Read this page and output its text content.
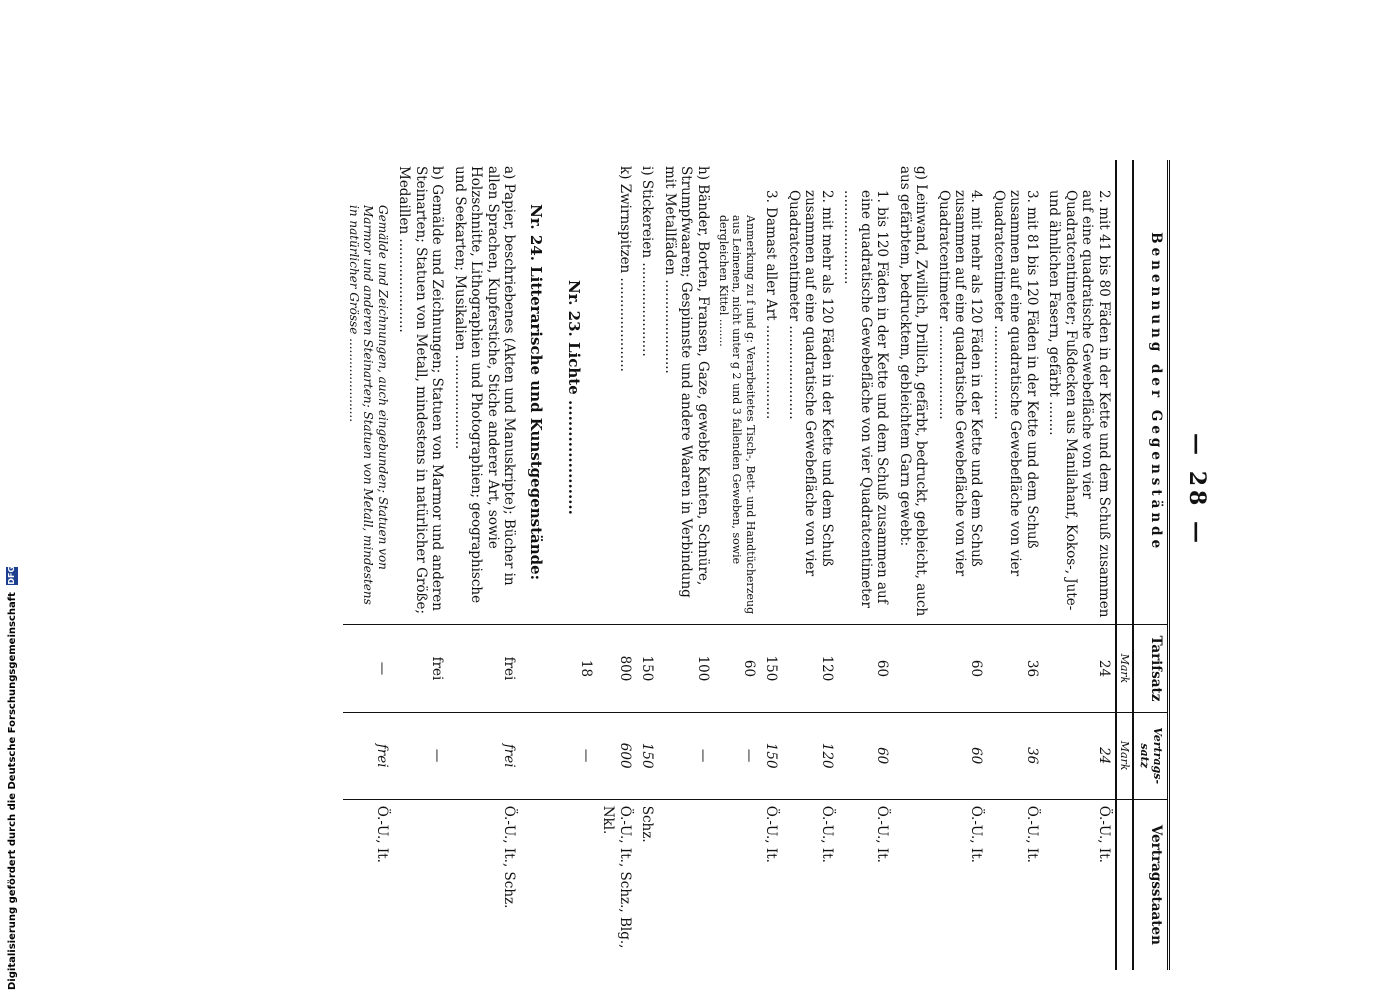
— 28 —
Benennung der Gegenstände	Tarifsatz	Vertrags-satz	Vertragsstaaten
	Mark	Mark	
2. mit 41 bis 80 Fäden in der Kette und dem Schuß zusammen auf eine quadratische Gewebefläche von vier Quadratcentimeter; Fußdecken aus Manilahanf, Kokos-, Jute- und ähnlichen Fasern, gefärbt ........	24	24	Ö.-U., It.
3. mit 81 bis 120 Fäden in der Kette und dem Schuß zusammen auf eine quadratische Gewebefläche von vier Quadratcentimeter ......................	36	36	Ö.-U., It.
4. mit mehr als 120 Fäden in der Kette und dem Schuß zusammen auf eine quadratische Gewebefläche von vier Quadratcentimeter ......................	60	60	Ö.-U., It.
g) Leinwand, Zwillich, Drillich, gefärbt, bedruckt, gebleicht, auch aus gefärbtem, bedrucktem, gebleichtem Garn gewebt:			
1. bis 120 Fäden in der Kette und dem Schuß zusammen auf eine quadratische Gewebefläche von vier Quadratcentimeter ......................	60	60	Ö.-U., It.
2. mit mehr als 120 Fäden in der Kette und dem Schuß zusammen auf eine quadratische Gewebefläche von vier Quadratcentimeter ......................	120	120	Ö.-U., It.
3. Damast aller Art ......................	150	150	Ö.-U., It.
Anmerkung zu f und g: Verarbeitetes Tisch-, Bett- und Handtücherzeug aus Leinenen, nicht unter g 2 und 3 fallenden Geweben, sowie dergleichen Kittel ........	60	—	
h) Bänder, Borten, Fransen, Gaze, gewebte Kanten, Schnüre, Strumpfwaaren; Gespinnste und andere Waaren in Verbindung mit Metallfäden ......................	100	—	
i) Stickereien ......................	150	150	Schz.
k) Zwirnspitzen ......................	800	600	Ö.-U., It., Schz., Blg., Nkl.
Nr. 23. Lichte ......................	18	—	
Nr. 24. Litterarische und Kunstgegenstände:			
a) Papier, beschriebenes (Akten und Manuskripte); Bücher in allen Sprachen, Kupferstiche, Stiche anderer Art, sowie Holzschnitte, Lithographien und Photographien; geographische und Seekarten; Musikalien ......................	frei	frei	Ö.-U., It., Schz.
b) Gemälde und Zeichnungen; Statuen von Marmor und anderen Steinarten; Statuen von Metall, mindestens in natürlicher Größe; Medaillen ......................	frei	—	
Gemälde und Zeichnungen, auch eingebunden; Statuen von Marmor und anderen Steinarten; Statuen von Metall, mindestens in natürlicher Grösse ......................	—	frei	Ö.-U., It.
Digitalisierung gefördert durch die Deutsche Forschungsgemeinschaft DFG
